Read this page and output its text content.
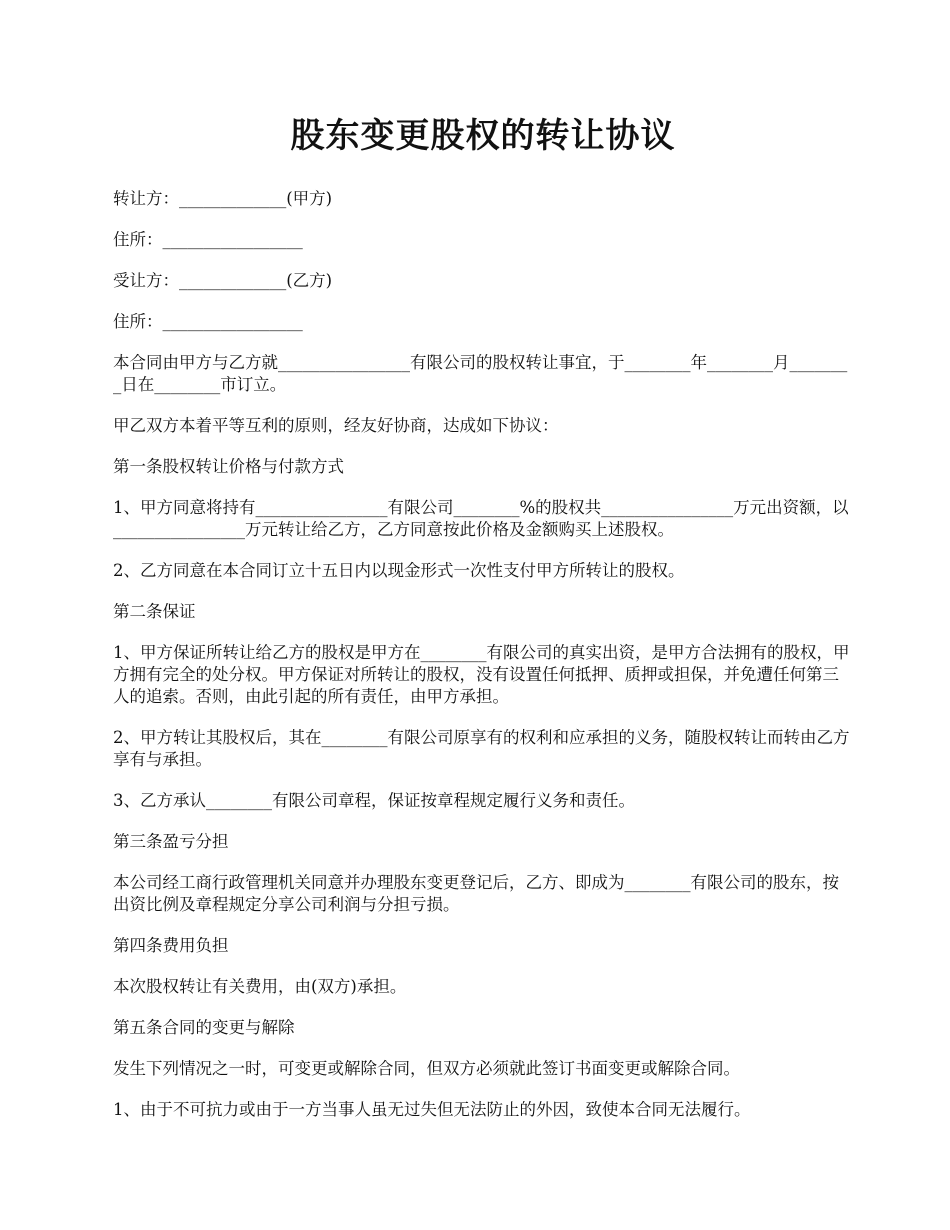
股东变更股权的转让协议

转让方：_____________(甲方)

住所：_________________

受让方：_____________(乙方)

住所：_________________

本合同由甲方与乙方就________________有限公司的股权转让事宜，于________年________月________日在________市订立。

甲乙双方本着平等互利的原则，经友好协商，达成如下协议：

第一条股权转让价格与付款方式

1、甲方同意将持有________________有限公司________%的股权共________________万元出资额，以________________万元转让给乙方，乙方同意按此价格及金额购买上述股权。

2、乙方同意在本合同订立十五日内以现金形式一次性支付甲方所转让的股权。

第二条保证

1、甲方保证所转让给乙方的股权是甲方在________有限公司的真实出资，是甲方合法拥有的股权，甲方拥有完全的处分权。甲方保证对所转让的股权，没有设置任何抵押、质押或担保，并免遭任何第三人的追索。否则，由此引起的所有责任，由甲方承担。

2、甲方转让其股权后，其在________有限公司原享有的权利和应承担的义务，随股权转让而转由乙方享有与承担。

3、乙方承认________有限公司章程，保证按章程规定履行义务和责任。

第三条盈亏分担

本公司经工商行政管理机关同意并办理股东变更登记后，乙方、即成为________有限公司的股东，按出资比例及章程规定分享公司利润与分担亏损。

第四条费用负担

本次股权转让有关费用，由(双方)承担。

第五条合同的变更与解除

发生下列情况之一时，可变更或解除合同，但双方必须就此签订书面变更或解除合同。

1、由于不可抗力或由于一方当事人虽无过失但无法防止的外因，致使本合同无法履行。
